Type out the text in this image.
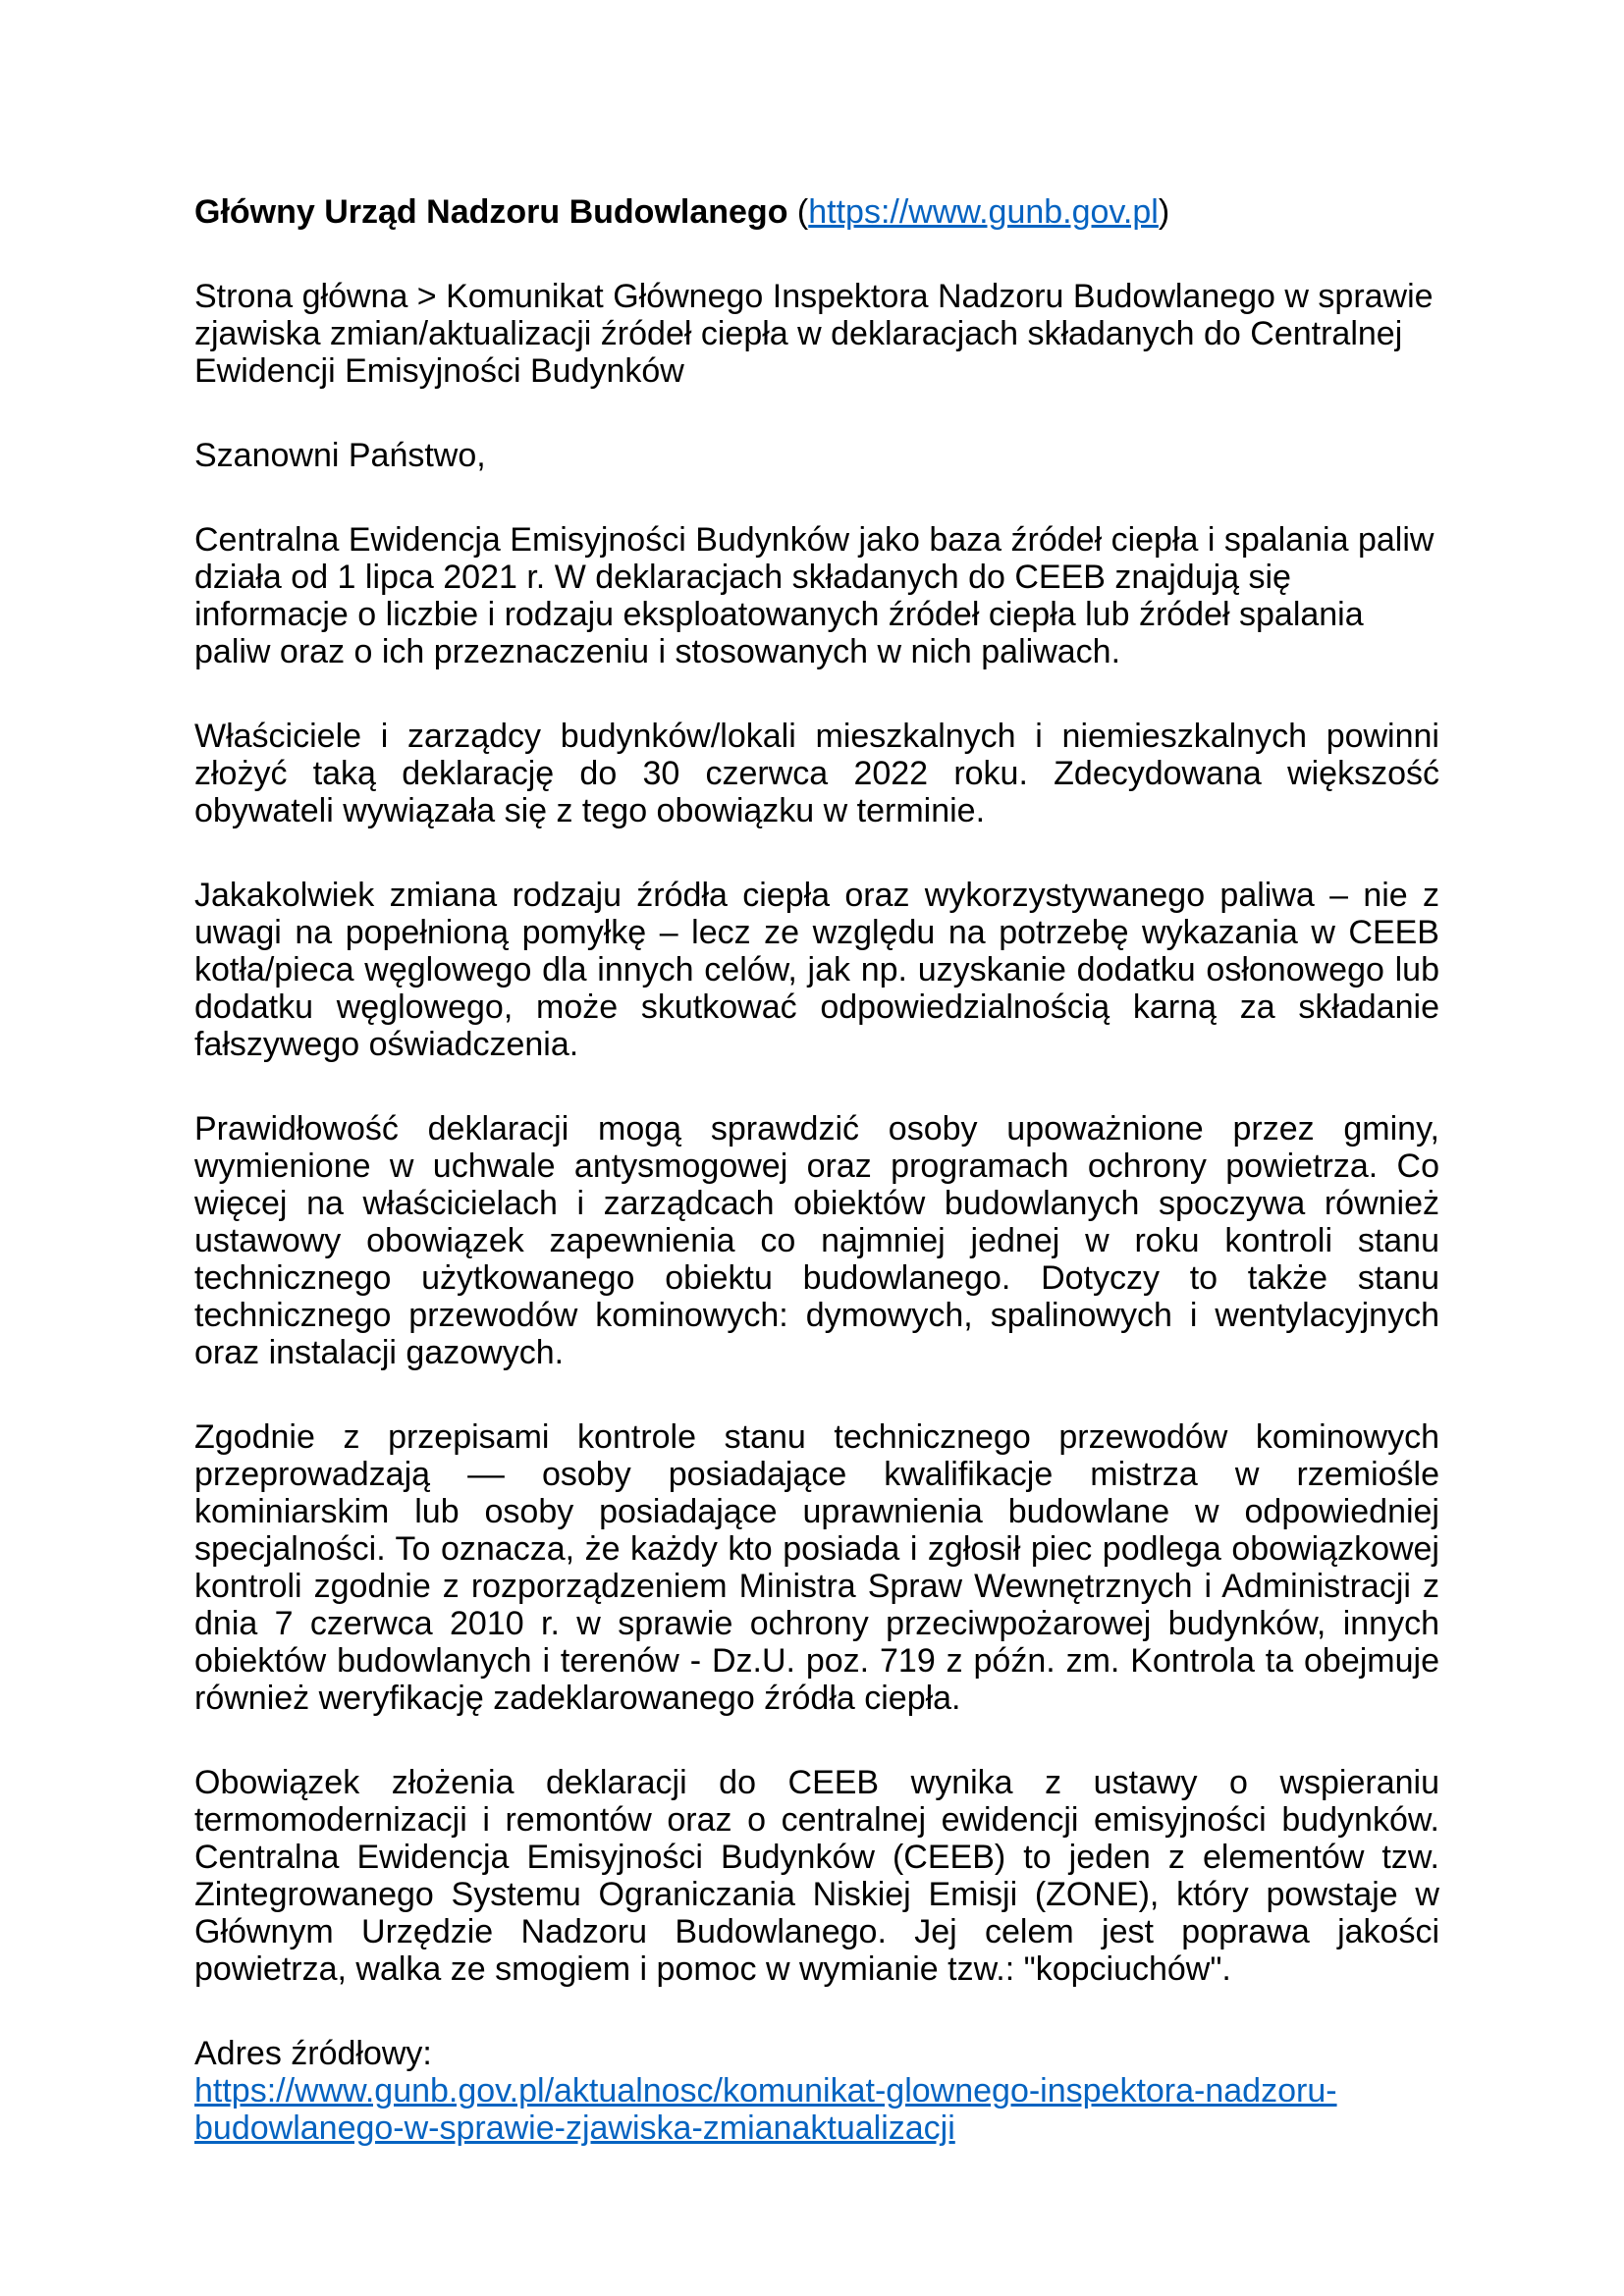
Główny Urząd Nadzoru Budowlanego (https://www.gunb.gov.pl)

Strona główna > Komunikat Głównego Inspektora Nadzoru Budowlanego w sprawie zjawiska zmian/aktualizacji źródeł ciepła w deklaracjach składanych do Centralnej Ewidencji Emisyjności Budynków

Szanowni Państwo,

Centralna Ewidencja Emisyjności Budynków jako baza źródeł ciepła i spalania paliw działa od 1 lipca 2021 r. W deklaracjach składanych do CEEB znajdują się informacje o liczbie i rodzaju eksploatowanych źródeł ciepła lub źródeł spalania paliw oraz o ich przeznaczeniu i stosowanych w nich paliwach.

Właściciele i zarządcy budynków/lokali mieszkalnych i niemieszkalnych powinni złożyć taką deklarację do 30 czerwca 2022 roku. Zdecydowana większość obywateli wywiązała się z tego obowiązku w terminie.

Jakakolwiek zmiana rodzaju źródła ciepła oraz wykorzystywanego paliwa – nie z uwagi na popełnioną pomyłkę – lecz ze względu na potrzebę wykazania w CEEB kotła/pieca węglowego dla innych celów, jak np. uzyskanie dodatku osłonowego lub dodatku węglowego, może skutkować odpowiedzialnością karną za składanie fałszywego oświadczenia.

Prawidłowość deklaracji mogą sprawdzić osoby upoważnione przez gminy, wymienione w uchwale antysmogowej oraz programach ochrony powietrza. Co więcej na właścicielach i zarządcach obiektów budowlanych spoczywa również ustawowy obowiązek zapewnienia co najmniej jednej w roku kontroli stanu technicznego użytkowanego obiektu budowlanego. Dotyczy to także stanu technicznego przewodów kominowych: dymowych, spalinowych i wentylacyjnych oraz instalacji gazowych.

Zgodnie z przepisami kontrole stanu technicznego przewodów kominowych przeprowadzają –– osoby posiadające kwalifikacje mistrza w rzemiośle kominiarskim lub osoby posiadające uprawnienia budowlane w odpowiedniej specjalności. To oznacza, że każdy kto posiada i zgłosił piec podlega obowiązkowej kontroli zgodnie z rozporządzeniem Ministra Spraw Wewnętrznych i Administracji z dnia 7 czerwca 2010 r. w sprawie ochrony przeciwpożarowej budynków, innych obiektów budowlanych i terenów - Dz.U. poz. 719 z późn. zm. Kontrola ta obejmuje również weryfikację zadeklarowanego źródła ciepła.

Obowiązek złożenia deklaracji do CEEB wynika z ustawy o wspieraniu termomodernizacji i remontów oraz o centralnej ewidencji emisyjności budynków. Centralna Ewidencja Emisyjności Budynków (CEEB) to jeden z elementów tzw. Zintegrowanego Systemu Ograniczania Niskiej Emisji (ZONE), który powstaje w Głównym Urzędzie Nadzoru Budowlanego. Jej celem jest poprawa jakości powietrza, walka ze smogiem i pomoc w wymianie tzw.: "kopciuchów".

Adres źródłowy:
https://www.gunb.gov.pl/aktualnosc/komunikat-glownego-inspektora-nadzoru-
budowlanego-w-sprawie-zjawiska-zmianaktualizacji
